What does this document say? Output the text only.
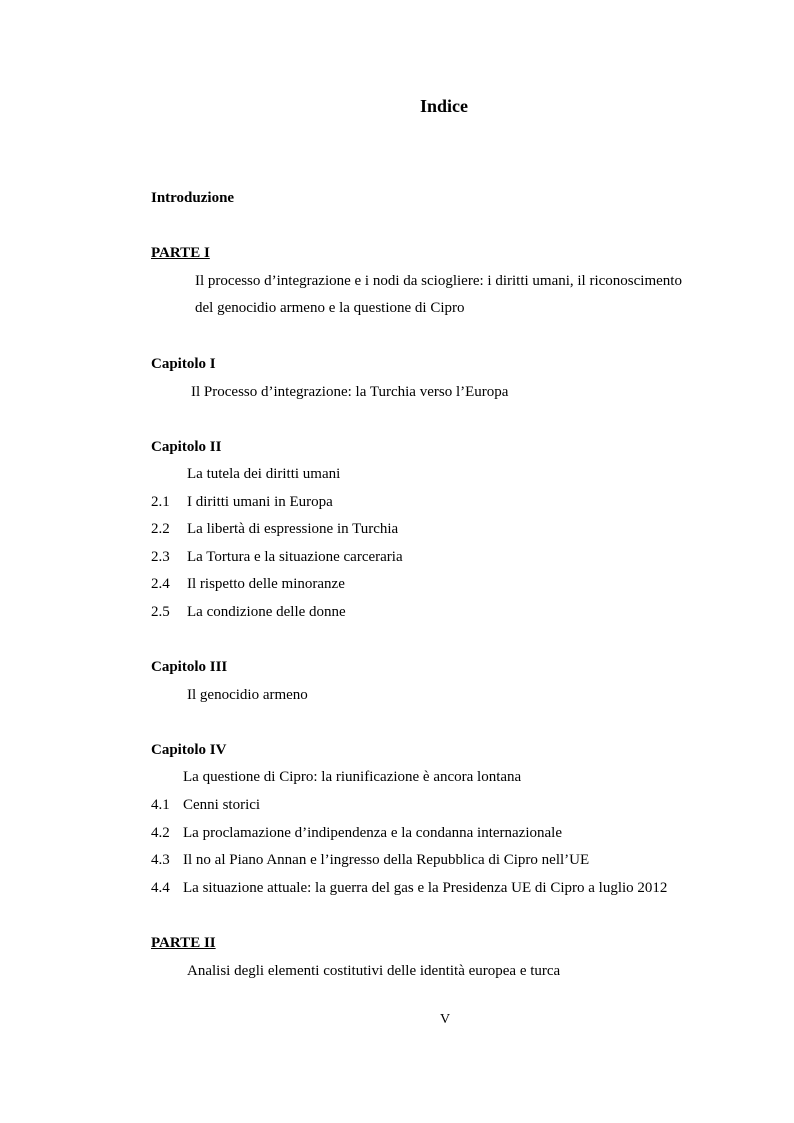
Indice
Introduzione
PARTE I
Il processo d’integrazione e i nodi da sciogliere: i diritti umani, il riconoscimento
del genocidio armeno e la questione di Cipro
Capitolo I
Il Processo d’integrazione: la Turchia verso l’Europa
Capitolo II
La tutela dei diritti umani
2.1 I diritti umani in Europa
2.2 La libertà di espressione in Turchia
2.3 La Tortura e la situazione carceraria
2.4 Il rispetto delle minoranze
2.5 La condizione delle donne
Capitolo III
Il genocidio armeno
Capitolo IV
La questione di Cipro: la riunificazione è ancora lontana
4.1 Cenni storici
4.2 La proclamazione d’indipendenza e la condanna internazionale
4.3 Il no al Piano Annan e l’ingresso della Repubblica di Cipro nell’UE
4.4 La situazione attuale: la guerra del gas e la Presidenza UE di Cipro a luglio 2012
PARTE II
Analisi degli elementi costitutivi delle identità europea e turca
V
